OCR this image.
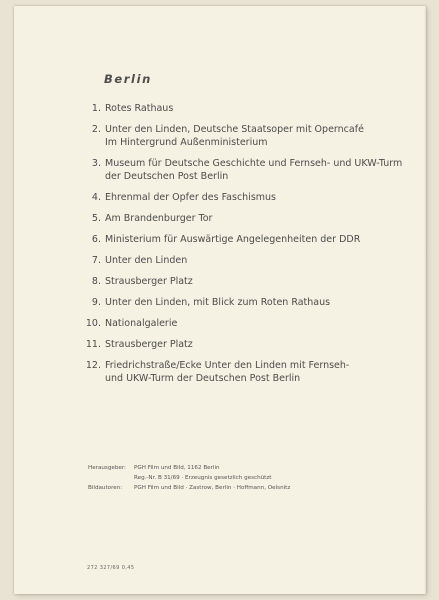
Berlin
1. Rotes Rathaus
2. Unter den Linden, Deutsche Staatsoper mit Operncafé
Im Hintergrund Außenministerium
3. Museum für Deutsche Geschichte und Fernseh- und UKW-Turm
der Deutschen Post Berlin
4. Ehrenmal der Opfer des Faschismus
5. Am Brandenburger Tor
6. Ministerium für Auswärtige Angelegenheiten der DDR
7. Unter den Linden
8. Strausberger Platz
9. Unter den Linden, mit Blick zum Roten Rathaus
10. Nationalgalerie
11. Strausberger Platz
12. Friedrichstraße/Ecke Unter den Linden mit Fernseh-
und UKW-Turm der Deutschen Post Berlin
Herausgeber:	PGH Film und Bild, 1162 Berlin
Reg.-Nr. B 31/69 · Erzeugnis gesetzlich geschützt
Bildautoren:	PGH Film und Bild · Zastrow, Berlin · Hoffmann, Oelsnitz
272 327/69 0,45
